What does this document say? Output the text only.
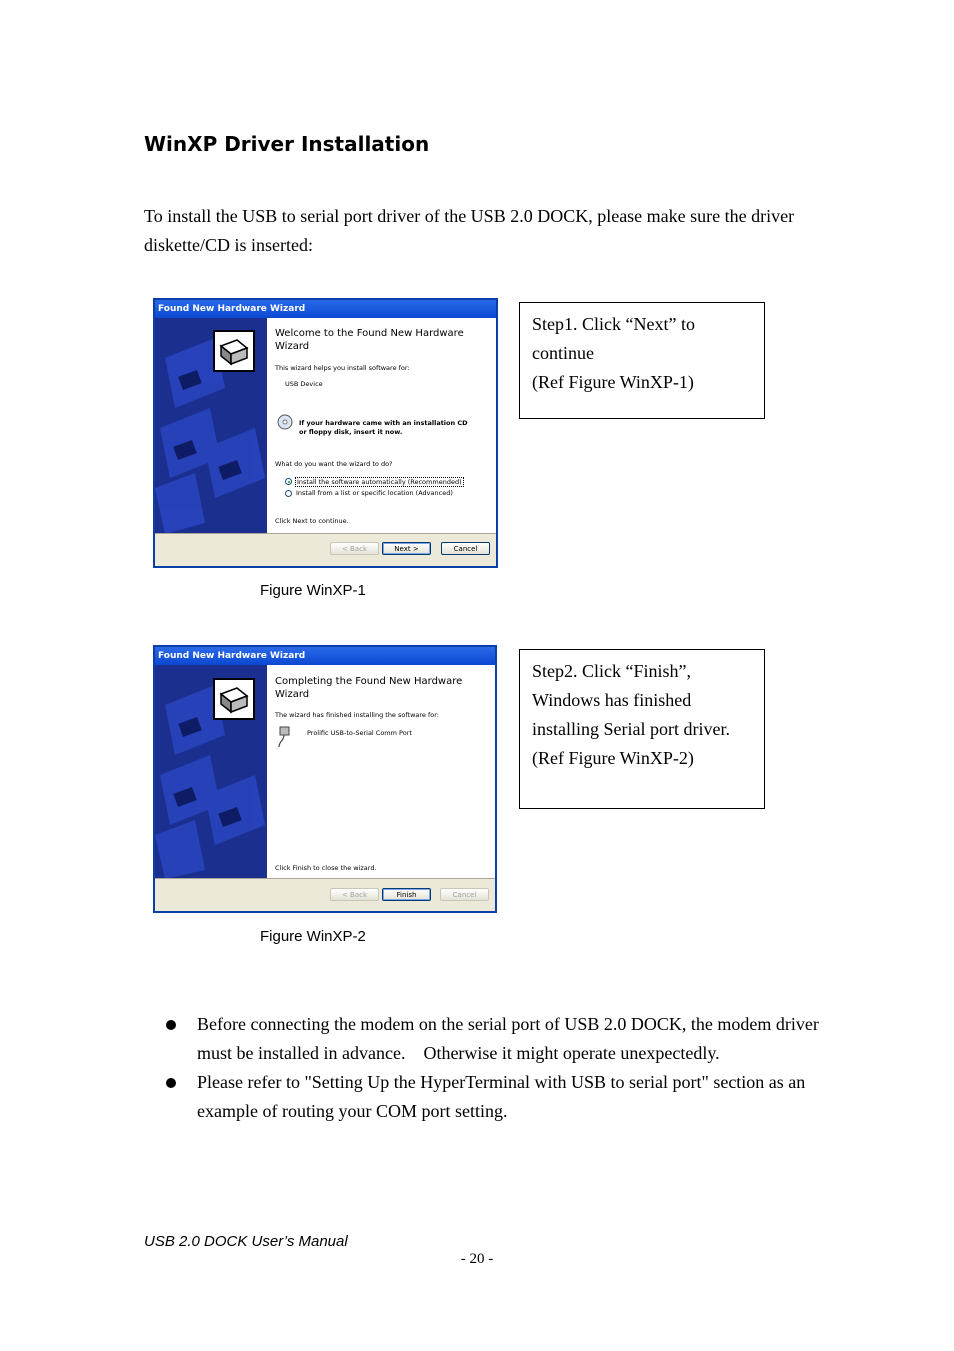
WinXP Driver Installation
To install the USB to serial port driver of the USB 2.0 DOCK, please make sure the driver diskette/CD is inserted:
Found New Hardware Wizard
Welcome to the Found New Hardware Wizard
This wizard helps you install software for:
USB Device
If your hardware came with an installation CD
or floppy disk, insert it now.
What do you want the wizard to do?
Install the software automatically (Recommended)
Install from a list or specific location (Advanced)
Click Next to continue.
< Back	Next >	Cancel
Figure WinXP-1
Step1. Click “Next” to
continue
(Ref Figure WinXP-1)
Found New Hardware Wizard
Completing the Found New Hardware Wizard
The wizard has finished installing the software for:
Prolific USB-to-Serial Comm Port
Click Finish to close the wizard.
< Back	Finish	Cancel
Figure WinXP-2
Step2. Click “Finish”,
Windows has finished
installing Serial port driver.
(Ref Figure WinXP-2)
Before connecting the modem on the serial port of USB 2.0 DOCK, the modem driver must be installed in advance.    Otherwise it might operate unexpectedly.
Please refer to "Setting Up the HyperTerminal with USB to serial port" section as an example of routing your COM port setting.
USB 2.0 DOCK User’s Manual
- 20 -
